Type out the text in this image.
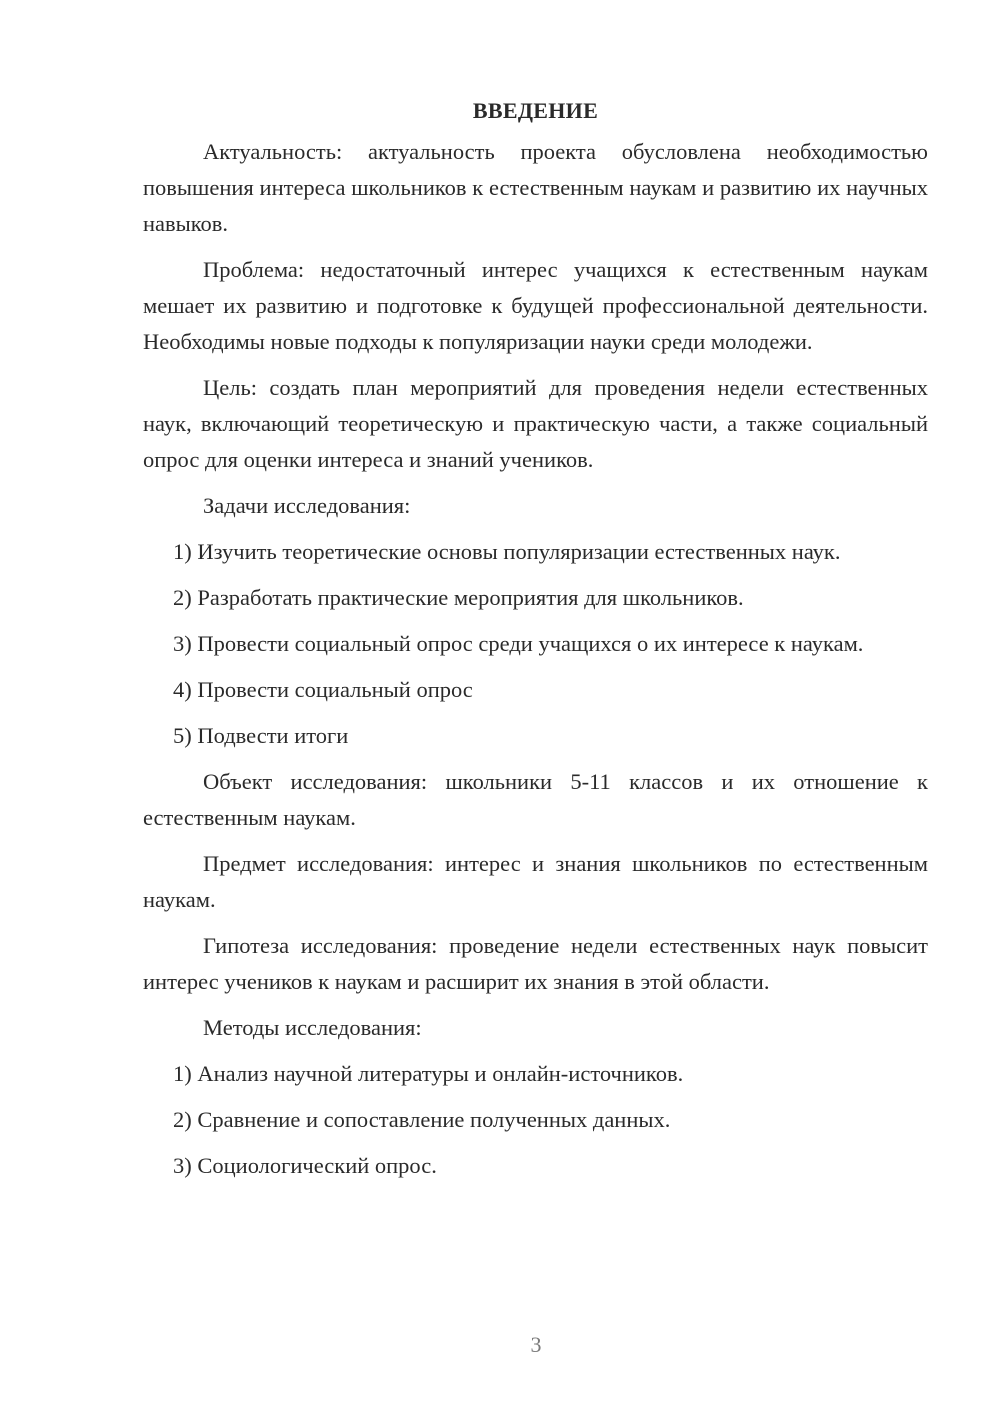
ВВЕДЕНИЕ

Актуальность: актуальность проекта обусловлена необходимостью повышения интереса школьников к естественным наукам и развитию их научных навыков.

Проблема: недостаточный интерес учащихся к естественным наукам мешает их развитию и подготовке к будущей профессиональной деятельности. Необходимы новые подходы к популяризации науки среди молодежи.

Цель: создать план мероприятий для проведения недели естественных наук, включающий теоретическую и практическую части, а также социальный опрос для оценки интереса и знаний учеников.

Задачи исследования:

1) Изучить теоретические основы популяризации естественных наук.

2) Разработать практические мероприятия для школьников.

3) Провести социальный опрос среди учащихся о их интересе к наукам.

4) Провести социальный опрос

5) Подвести итоги

Объект исследования: школьники 5-11 классов и их отношение к естественным наукам.

Предмет исследования: интерес и знания школьников по естественным наукам.

Гипотеза исследования: проведение недели естественных наук повысит интерес учеников к наукам и расширит их знания в этой области.

Методы исследования:

1) Анализ научной литературы и онлайн-источников.

2) Сравнение и сопоставление полученных данных.

3) Социологический опрос.

3
